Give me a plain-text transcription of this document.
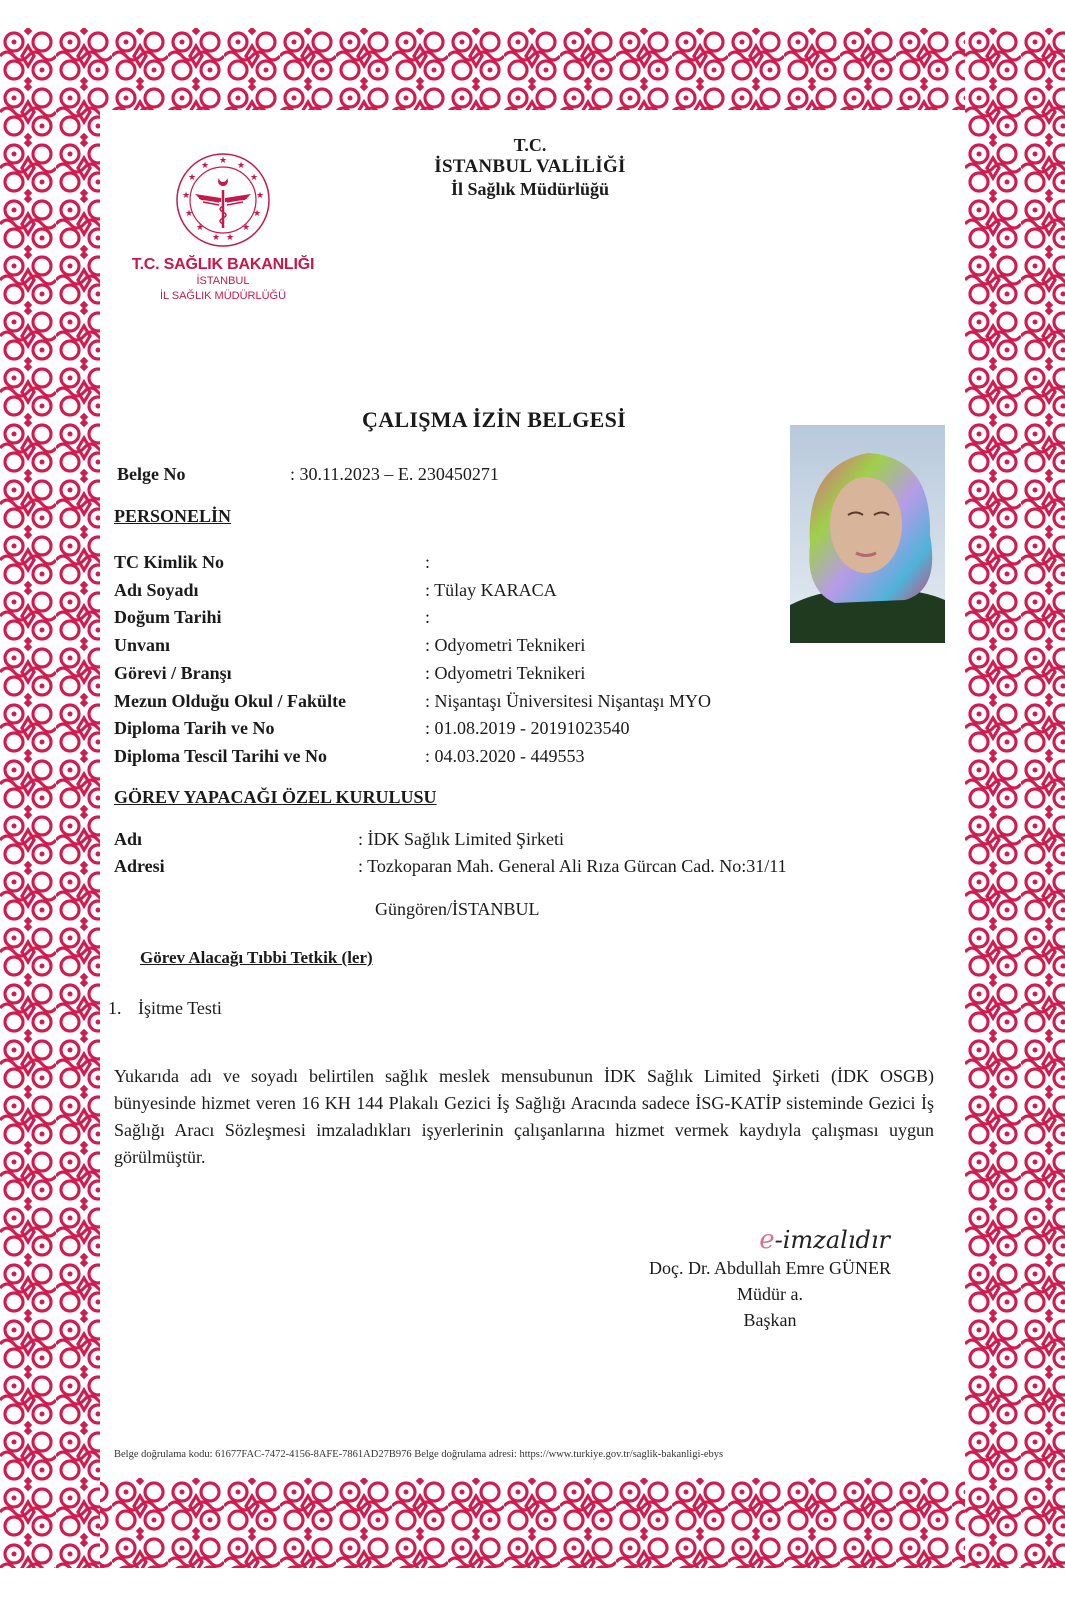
★ ★
★
★
★
★
★
★
★
★
★
★
★
T.C. SAĞLIK BAKANLIĞI
İSTANBUL
İL SAĞLIK MÜDÜRLÜĞÜ
T.C.
İSTANBUL VALİLİĞİ
İl Sağlık Müdürlüğü
ÇALIŞMA İZİN BELGESİ
Belge No	: 30.11.2023 – E. 230450271
PERSONELİN
TC Kimlik No	:
Adı Soyadı	: Tülay KARACA
Doğum Tarihi	:
Unvanı	: Odyometri Teknikeri
Görevi / Branşı	: Odyometri Teknikeri
Mezun Olduğu Okul / Fakülte	: Nişantaşı Üniversitesi Nişantaşı MYO
Diploma Tarih ve No	: 01.08.2019 - 20191023540
Diploma Tescil Tarihi ve No	: 04.03.2020 - 449553
GÖREV YAPACAĞI ÖZEL KURULUSU
Adı	: İDK Sağlık Limited Şirketi
Adresi	: Tozkoparan Mah. General Ali Rıza Gürcan Cad. No:31/11
Güngören/İSTANBUL
Görev Alacağı Tıbbi Tetkik (ler)
1. İşitme Testi
Yukarıda adı ve soyadı belirtilen sağlık meslek mensubunun İDK Sağlık Limited Şirketi (İDK OSGB) bünyesinde hizmet veren 16 KH 144 Plakalı Gezici İş Sağlığı Aracında sadece İSG-KATİP sisteminde Gezici İş Sağlığı Aracı Sözleşmesi imzaladıkları işyerlerinin çalışanlarına hizmet vermek kaydıyla çalışması uygun görülmüştür.
e-imzalıdır
Doç. Dr. Abdullah Emre GÜNER
Müdür a.
Başkan
Belge doğrulama kodu: 61677FAC-7472-4156-8AFE-7861AD27B976 Belge doğrulama adresi: https://www.turkiye.gov.tr/saglik-bakanligi-ebys
